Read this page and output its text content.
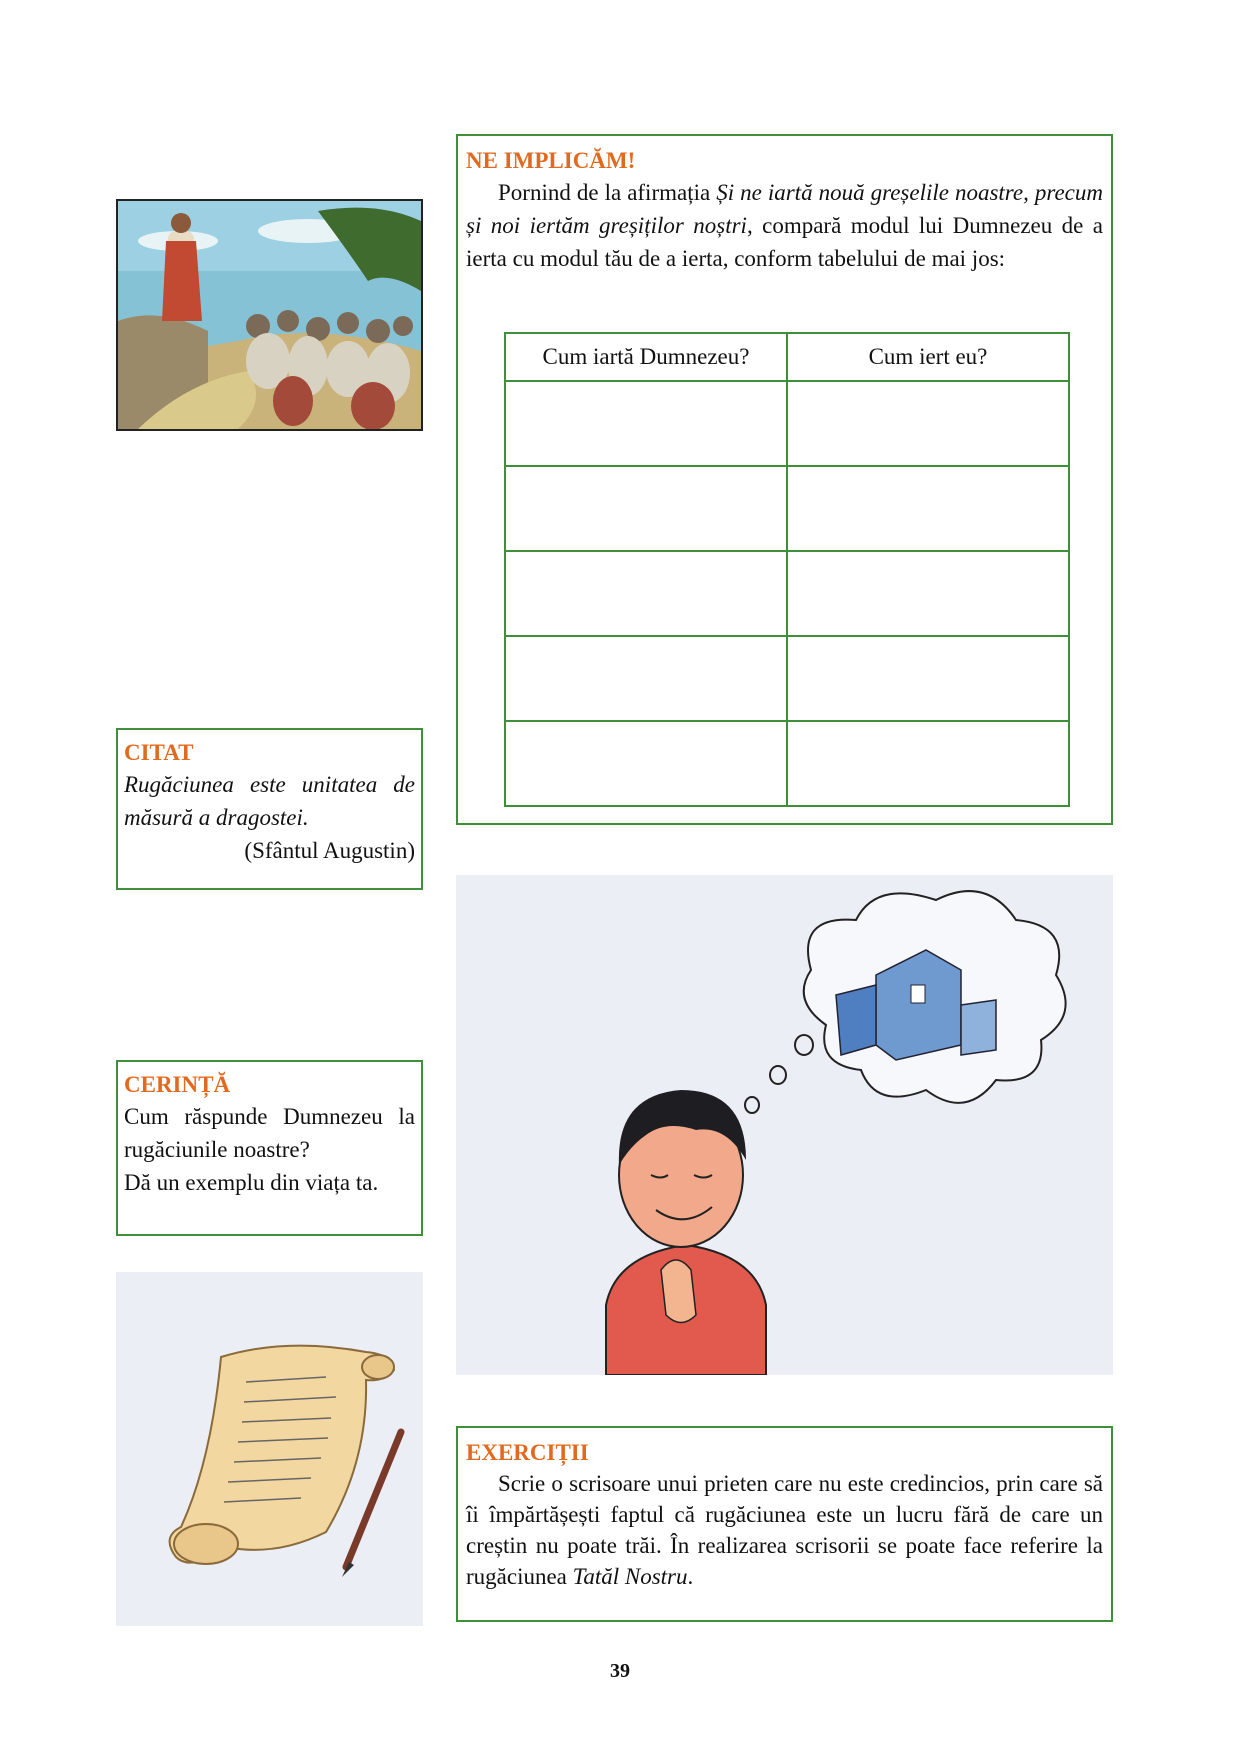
NE IMPLICĂM!

Pornind de la afirmația Și ne iartă nouă greșelile noastre, precum și noi iertăm greșiților noștri, compară modul lui Dumnezeu de a ierta cu modul tău de a ierta, conform tabelului de mai jos:

Cum iartă Dumnezeu?	Cum iert eu?

CITAT

Rugăciunea este unitatea de măsură a dragostei.

(Sfântul Augustin)

CERINȚĂ

Cum răspunde Dumnezeu la rugăciunile noastre?

Dă un exemplu din viața ta.

EXERCIȚII

Scrie o scrisoare unui prieten care nu este credincios, prin care să îi împărtășești faptul că rugăciunea este un lucru fără de care un creștin nu poate trăi. În realizarea scrisorii se poate face referire la rugăciunea Tatăl Nostru.

39
